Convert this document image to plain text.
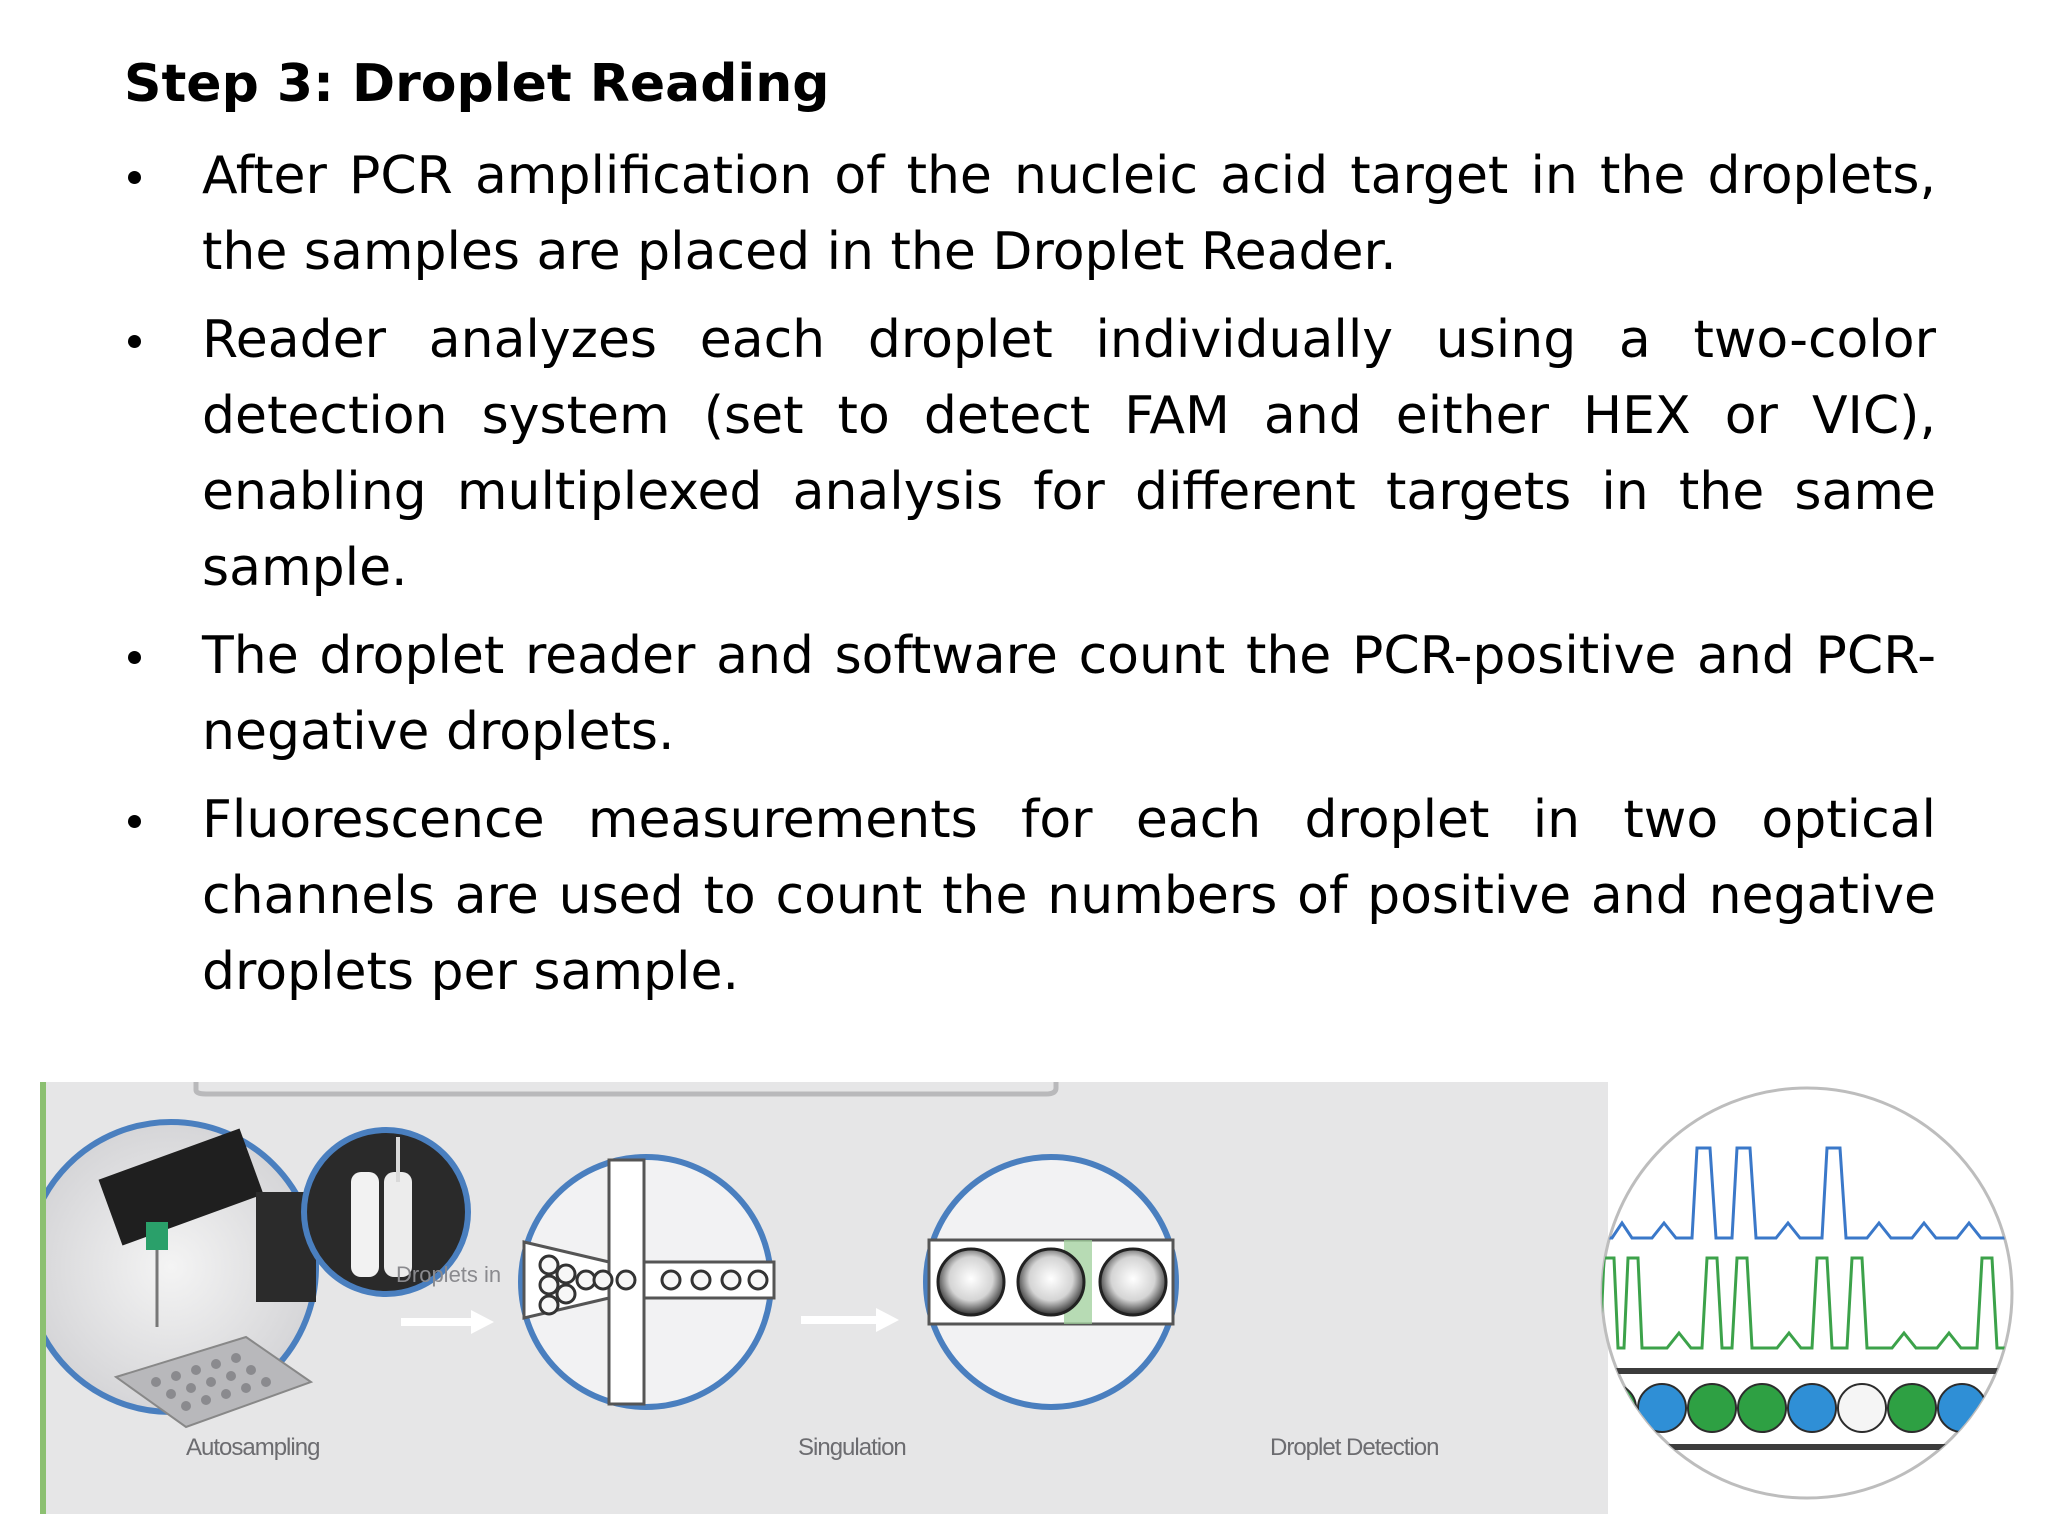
Step 3: Droplet Reading
After PCR amplification of the nucleic acid target in the droplets, the samples are placed in the Droplet Reader.
Reader analyzes each droplet individually using a two-color detection system (set to detect FAM and either HEX or VIC), enabling multiplexed analysis for different targets in the same sample.
The droplet reader and software count the PCR-positive and PCR-negative droplets.
Fluorescence measurements for each droplet in two optical channels are used to count the numbers of positive and negative droplets per sample.
Droplets in
Autosampling	Singulation	Droplet Detection
